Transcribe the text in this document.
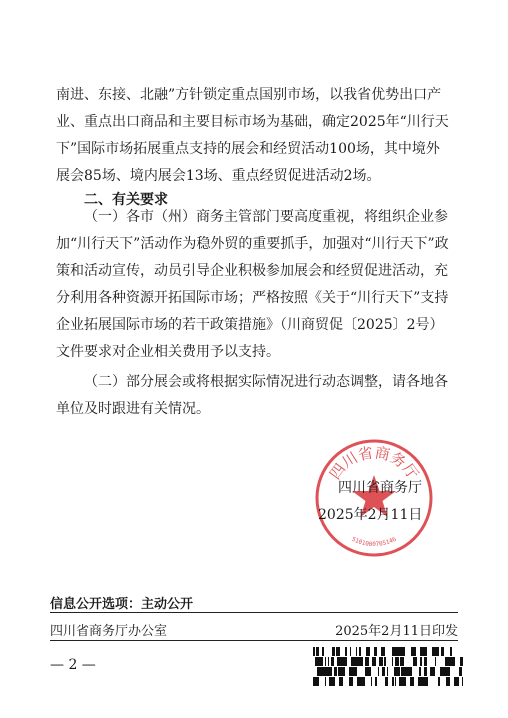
南进、东接、北融”方针锁定重点国别市场，以我省优势出口产
业、重点出口商品和主要目标市场为基础，确定2025年“川行天
下”国际市场拓展重点支持的展会和经贸活动100场，其中境外
展会85场、境内展会13场、重点经贸促进活动2场。
二、有关要求
（一）各市（州）商务主管部门要高度重视，将组织企业参
加“川行天下”活动作为稳外贸的重要抓手，加强对“川行天下”政
策和活动宣传，动员引导企业积极参加展会和经贸促进活动，充
分利用各种资源开拓国际市场；严格按照《关于“川行天下”支持
企业拓展国际市场的若干政策措施》（川商贸促〔2025〕2号）
文件要求对企业相关费用予以支持。
（二）部分展会或将根据实际情况进行动态调整，请各地各
单位及时跟进有关情况。
四川省商务厅
5101000705146
四川省商务厅
2025年2月11日
信息公开选项：主动公开
四川省商务厅办公室	2025年2月11日印发
— 2 —
